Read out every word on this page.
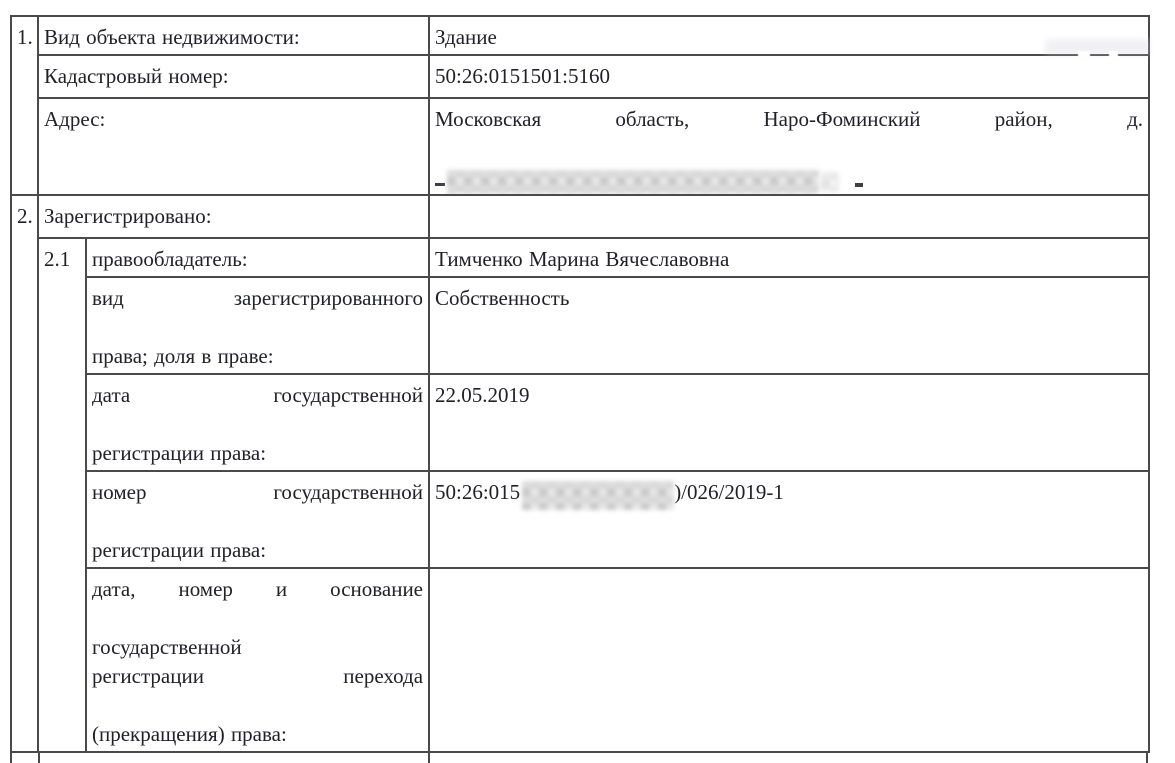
1.	Вид объекта недвижимости:		Здание
	Кадастровый номер:		50:26:0151501:5160
	Адрес:		Московская область, Наро-Фоминский район, д.

2.	Зарегистрировано:		
	2.1	правообладатель:	Тимченко Марина Вячеславовна

		вид зарегистрированного
права; доля в праве:	Собственность

		дата государственной
регистрации права:	22.05.2019

		номер государственной
регистрации права:	50:26:015 )/026/2019-1

		дата, номер и основание
государственной
регистрации перехода
(прекращения) права:	
